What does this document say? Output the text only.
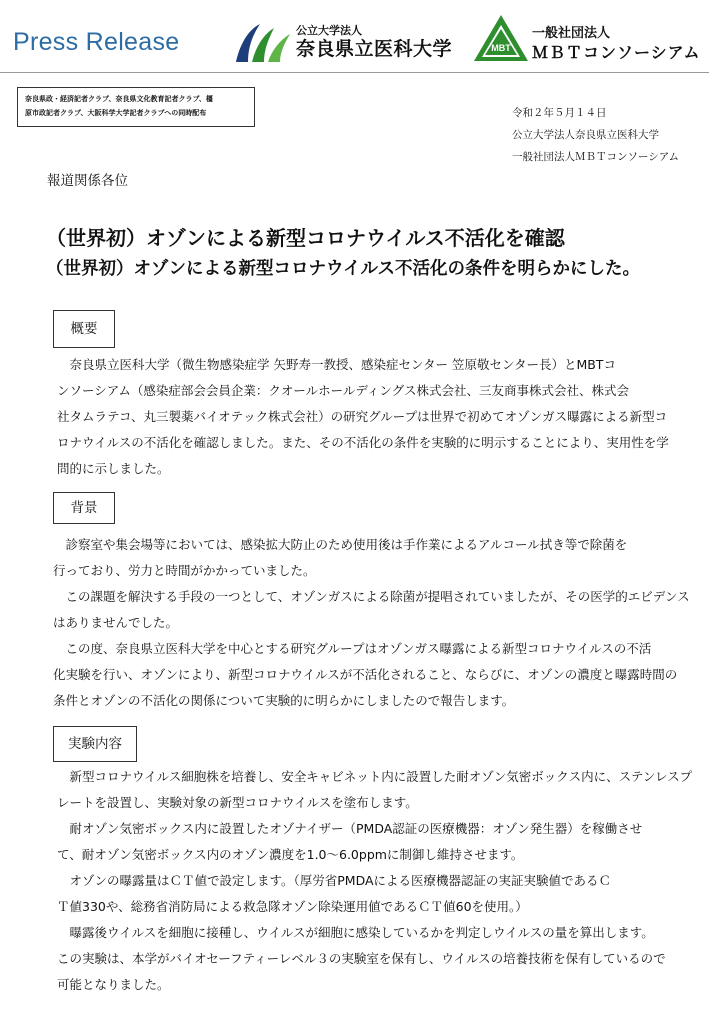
Press Release	公立大学法人
奈良県立医科大学	MBT
一般社団法人
ＭＢＴコンソーシアム
奈良県政・経済記者クラブ、奈良県文化教育記者クラブ、橿
原市政記者クラブ、大阪科学大学記者クラブへの同時配布	令和２年５月１４日
公立大学法人奈良県立医科大学
一般社団法人ＭＢＴコンソーシアム
報道関係各位
（世界初）オゾンによる新型コロナウイルス不活化を確認
（世界初）オゾンによる新型コロナウイルス不活化の条件を明らかにした。
概要
　奈良県立医科大学（微生物感染症学 矢野寿一教授、感染症センター 笠原敬センター長）とMBTコ
ンソーシアム（感染症部会会員企業：クオールホールディングス株式会社、三友商事株式会社、株式会
社タムラテコ、丸三製薬バイオテック株式会社）の研究グループは世界で初めてオゾンガス曝露による新型コ
ロナウイルスの不活化を確認しました。また、その不活化の条件を実験的に明示することにより、実用性を学
問的に示しました。
背景
　診察室や集会場等においては、感染拡大防止のため使用後は手作業によるアルコール拭き等で除菌を
行っており、労力と時間がかかっていました。
　この課題を解決する手段の一つとして、オゾンガスによる除菌が提唱されていましたが、その医学的エビデンス
はありませんでした。
　この度、奈良県立医科大学を中心とする研究グループはオゾンガス曝露による新型コロナウイルスの不活
化実験を行い、オゾンにより、新型コロナウイルスが不活化されること、ならびに、オゾンの濃度と曝露時間の
条件とオゾンの不活化の関係について実験的に明らかにしましたので報告します。
実験内容
　新型コロナウイルス細胞株を培養し、安全キャビネット内に設置した耐オゾン気密ボックス内に、ステンレスプ
レートを設置し、実験対象の新型コロナウイルスを塗布します。
　耐オゾン気密ボックス内に設置したオゾナイザー（PMDA認証の医療機器：オゾン発生器）を稼働させ
て、耐オゾン気密ボックス内のオゾン濃度を1.0～6.0ppmに制御し維持させます。
　オゾンの曝露量はＣＴ値で設定します。（厚労省PMDAによる医療機器認証の実証実験値であるＣ
Ｔ値330や、総務省消防局による救急隊オゾン除染運用値であるＣＴ値60を使用。）
　曝露後ウイルスを細胞に接種し、ウイルスが細胞に感染しているかを判定しウイルスの量を算出します。
この実験は、本学がバイオセーフティーレベル３の実験室を保有し、ウイルスの培養技術を保有しているので
可能となりました。
